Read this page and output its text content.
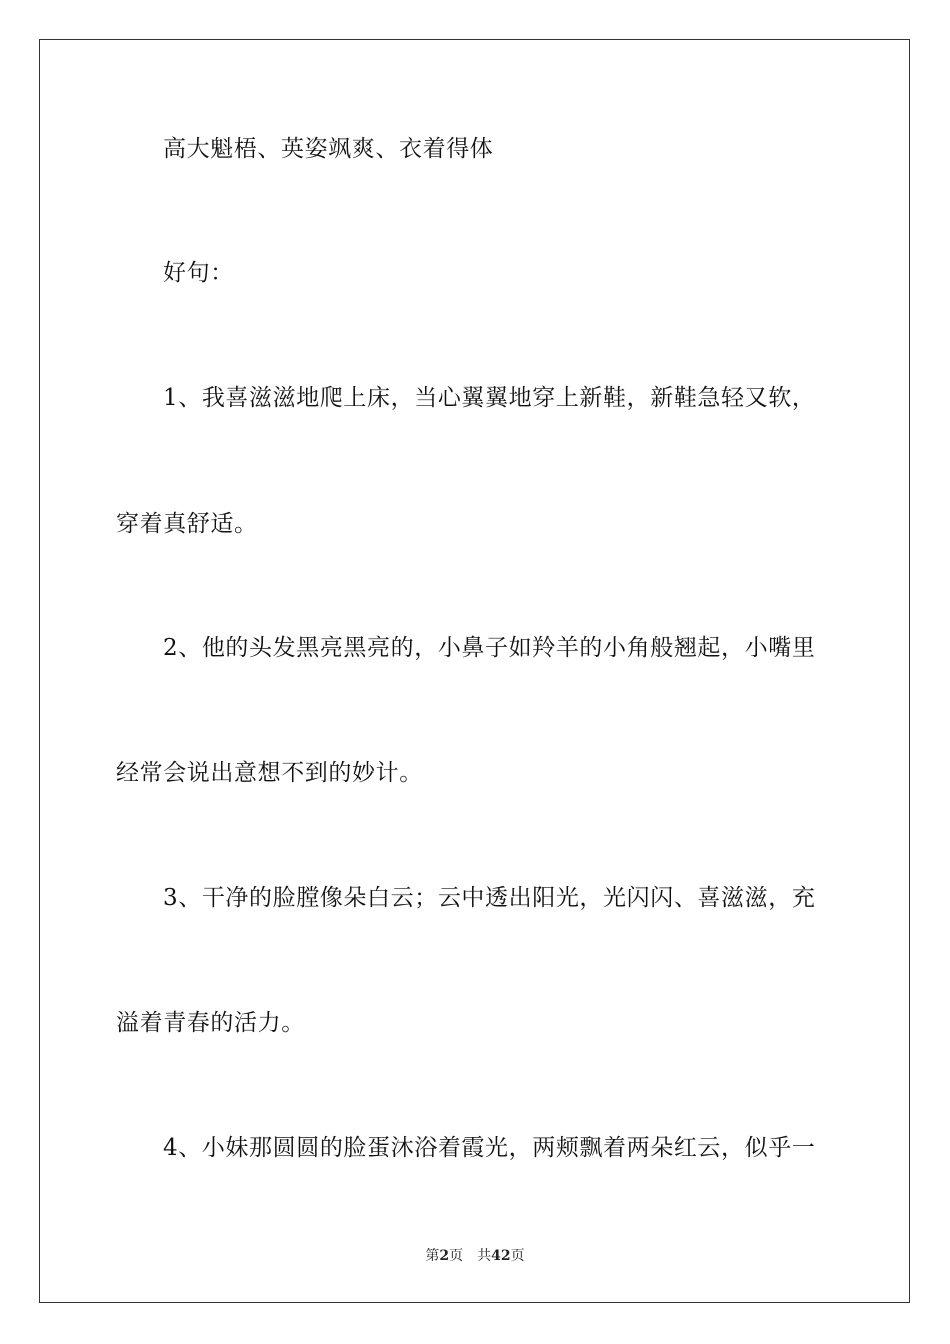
高大魁梧、英姿飒爽、衣着得体
好句：
1、我喜滋滋地爬上床，当心翼翼地穿上新鞋，新鞋急轻又软，
穿着真舒适。
2、他的头发黑亮黑亮的，小鼻子如羚羊的小角般翘起，小嘴里
经常会说出意想不到的妙计。
3、干净的脸膛像朵白云；云中透出阳光，光闪闪、喜滋滋，充
溢着青春的活力。
4、小妹那圆圆的脸蛋沐浴着霞光，两颊飘着两朵红云，似乎一
第2页 共42页
